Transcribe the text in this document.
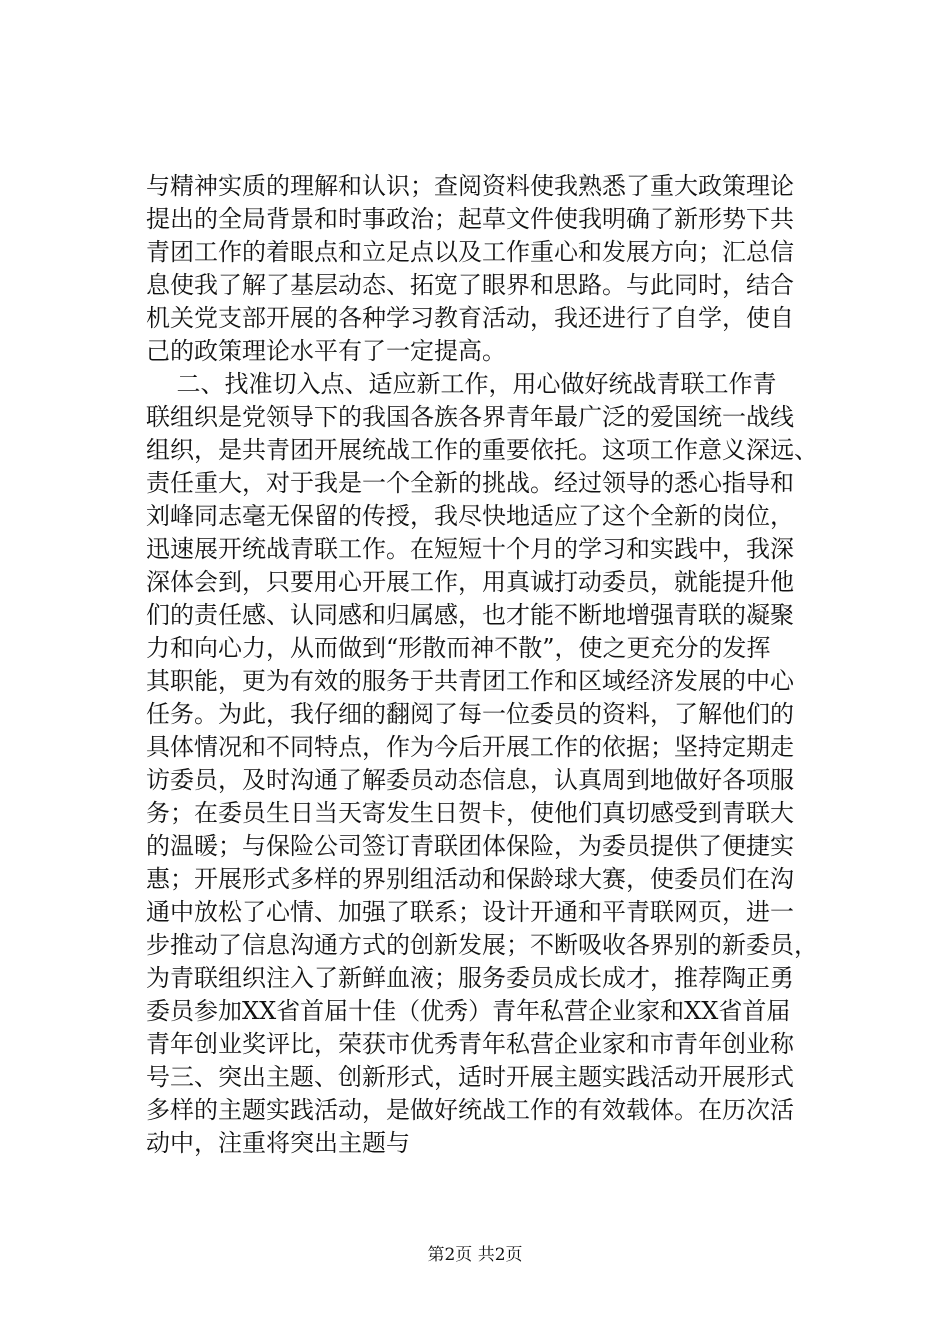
与精神实质的理解和认识；查阅资料使我熟悉了重大政策理论

提出的全局背景和时事政治；起草文件使我明确了新形势下共

青团工作的着眼点和立足点以及工作重心和发展方向；汇总信

息使我了解了基层动态、拓宽了眼界和思路。与此同时，结合

机关党支部开展的各种学习教育活动，我还进行了自学，使自

己的政策理论水平有了一定提高。

二、找准切入点、适应新工作，用心做好统战青联工作青

联组织是党领导下的我国各族各界青年最广泛的爱国统一战线

组织，是共青团开展统战工作的重要依托。这项工作意义深远、

责任重大，对于我是一个全新的挑战。经过领导的悉心指导和

刘峰同志毫无保留的传授，我尽快地适应了这个全新的岗位，

迅速展开统战青联工作。在短短十个月的学习和实践中，我深

深体会到，只要用心开展工作，用真诚打动委员，就能提升他

们的责任感、认同感和归属感，也才能不断地增强青联的凝聚

力和向心力，从而做到“形散而神不散”，使之更充分的发挥

其职能，更为有效的服务于共青团工作和区域经济发展的中心

任务。为此，我仔细的翻阅了每一位委员的资料，了解他们的

具体情况和不同特点，作为今后开展工作的依据；坚持定期走

访委员，及时沟通了解委员动态信息，认真周到地做好各项服

务；在委员生日当天寄发生日贺卡，使他们真切感受到青联大

的温暖；与保险公司签订青联团体保险，为委员提供了便捷实

惠；开展形式多样的界别组活动和保龄球大赛，使委员们在沟

通中放松了心情、加强了联系；设计开通和平青联网页，进一

步推动了信息沟通方式的创新发展；不断吸收各界别的新委员，

为青联组织注入了新鲜血液；服务委员成长成才，推荐陶正勇

委员参加XX省首届十佳（优秀）青年私营企业家和XX省首届

青年创业奖评比，荣获市优秀青年私营企业家和市青年创业称

号三、突出主题、创新形式，适时开展主题实践活动开展形式

多样的主题实践活动，是做好统战工作的有效载体。在历次活

动中，注重将突出主题与

第2页 共2页
